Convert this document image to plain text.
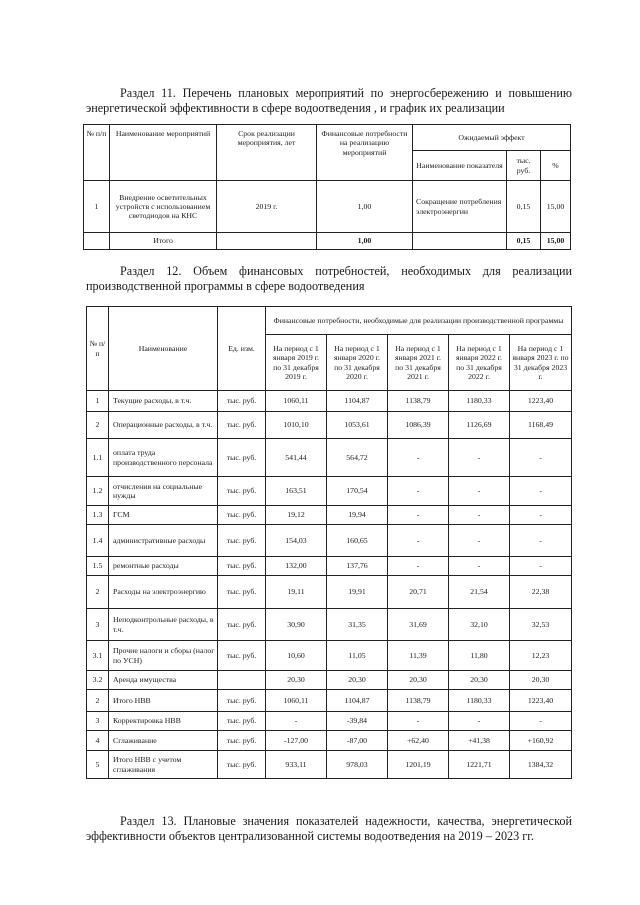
Раздел 11. Перечень плановых мероприятий по энергосбережению и повышению
энергетической эффективности в сфере водоотведения , и график их реализации
№ п/п	Наименование мероприятий	Срок реализации мероприятия, лет	Финансовые потребности на реализацию мероприятий	Ожидаемый эффект		
				Наименование показателя	тыс. руб.	%
1	Внедрение осветительных устройств с использованием светодиодов на КНС	2019 г.	1,00	Сокращение потребления электроэнергии	0,15	15,00
	Итого		1,00		0,15	15,00
Раздел 12. Объем финансовых потребностей, необходимых для реализации
производственной программы в сфере водоотведения
№ п/п	Наименование	Ед. изм.	Финансовые потребности, необходимые для реализации производственной программы				
			На период с 1 января 2019 г. по 31 декабря 2019 г.	На период с 1 января 2020 г. по 31 декабря 2020 г.	На период с 1 января 2021 г. по 31 декабря 2021 г.	На период с 1 января 2022 г. по 31 декабря 2022 г.	На период с 1 января 2023 г. по 31 декабря 2023 г.
1	Текущие расходы, в т.ч.	тыс. руб.	1060,11	1104,87	1138,79	1180,33	1223,40
2	Операционные расходы, в т.ч.	тыс. руб.	1010,10	1053,61	1086,39	1126,69	1168,49
1.1	оплата труда производственного персонала	тыс. руб.	541,44	564,72	-	-	-
1.2	отчисления на социальные нужды	тыс. руб.	163,51	170,54	-	-	-
1.3	ГСМ	тыс. руб.	19,12	19,94	-	-	-
1.4	административные расходы	тыс. руб.	154,03	160,65	-	-	-
1.5	ремонтные расходы	тыс. руб.	132,00	137,76	-	-	-
2	Расходы на электроэнергию	тыс. руб.	19,11	19,91	20,71	21,54	22,38
3	Неподконтрольные расходы, в т.ч.	тыс. руб.	30,90	31,35	31,69	32,10	32,53
3.1	Прочие налоги и сборы (налог по УСН)	тыс. руб.	10,60	11,05	11,39	11,80	12,23
3.2	Аренда имущества		20,30	20,30	20,30	20,30	20,30
2	Итого НВВ	тыс. руб.	1060,11	1104,87	1138,79	1180,33	1223,40
3	Корректировка НВВ	тыс. руб.	-	-39,84	-	-	-
4	Сглаживание	тыс. руб.	-127,00	-87,00	+62,40	+41,38	+160,92
5	Итого НВВ с учетом сглаживания	тыс. руб.	933,11	978,03	1201,19	1221,71	1384,32
Раздел 13. Плановые значения показателей надежности, качества, энергетической
эффективности объектов централизованной системы водоотведения на 2019 – 2023 гг.
